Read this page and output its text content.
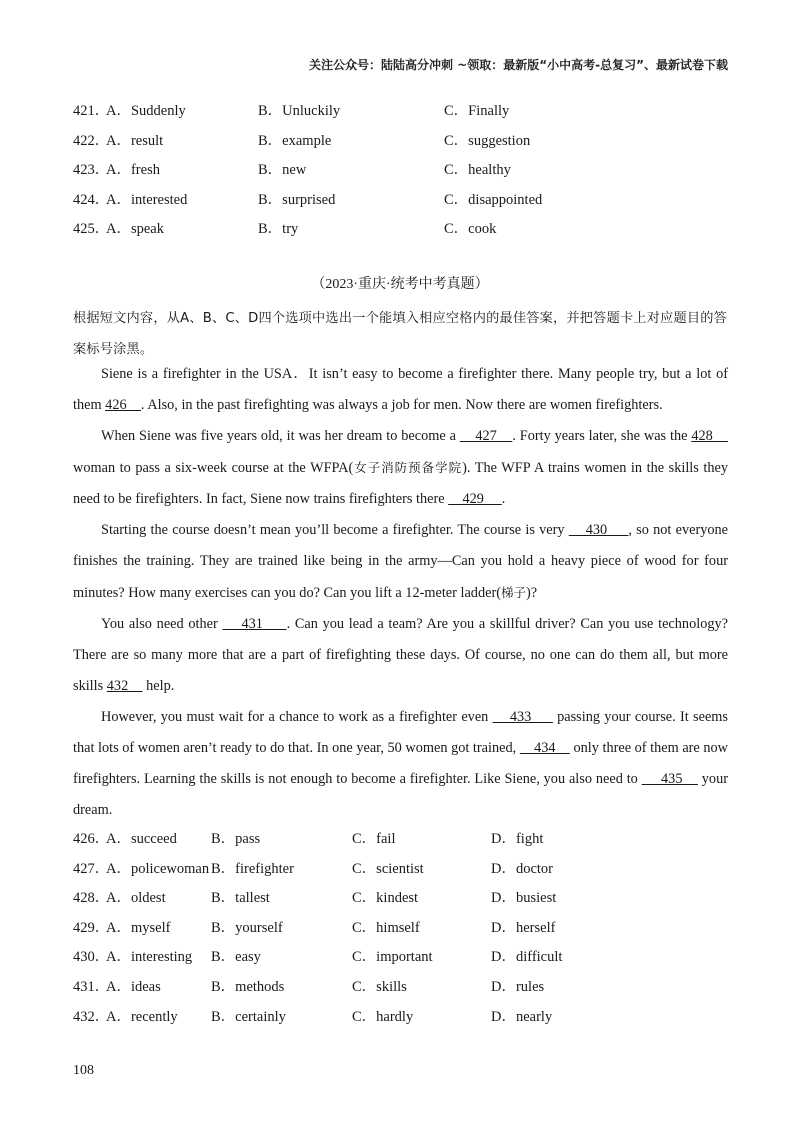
关注公众号：陆陆高分冲刺 ~领取：最新版“小中高考-总复习”、最新试卷下载
421．
A．Suddenly	B．Unluckily	C．Finally
422．
A．result	B．example	C．suggestion
423．
A．fresh	B．new	C．healthy
424．
A．interested	B．surprised	C．disappointed
425．
A．speak	B．try	C．cook
（2023·重庆·统考中考真题）
根据短文内容，从A、B、C、D四个选项中选出一个能填入相应空格内的最佳答案，并把答题卡上对应题目的答案标号涂黑。

Siene is a firefighter in the USA．It isn’t easy to become a firefighter there. Many people try, but a lot of them 426    . Also, in the past firefighting was always a job for men. Now there are women firefighters.

When Siene was five years old, it was her dream to become a     427    . Forty years later, she was the 428     woman to pass a six-week course at the WFPA(女子消防预备学院). The WFP A trains women in the skills they need to be firefighters. In fact, Siene now trains firefighters there     429     .

Starting the course doesn’t mean you’ll become a firefighter. The course is very     430     , so not everyone finishes the training. They are trained like being in the army—Can you hold a heavy piece of wood for four minutes? How many exercises can you do? Can you lift a 12-meter ladder(梯子)?

You also need other     431     . Can you lead a team? Are you a skillful driver? Can you use technology? There are so many more that are a part of firefighting these days. Of course, no one can do them all, but more skills 432     help.

However, you must wait for a chance to work as a firefighter even     433      passing your course. It seems that lots of women aren’t ready to do that. In one year, 50 women got trained,     434     only three of them are now firefighters. Learning the skills is not enough to become a firefighter. Like Siene, you also need to      435     your dream.

426．
A．succeed B．pass	C．fail	D．fight
427．
A．policewoman B．firefighter	C．scientist	D．doctor
428．
A．oldest	B．tallest	C．kindest	D．busiest
429．
A．myself	B．yourself	C．himself	D．herself
430．
A．interesting B．easy	C．important	D．difficult
431．
A．ideas	B．methods	C．skills	D．rules
432．
A．recently B．certainly	C．hardly	D．nearly
108
